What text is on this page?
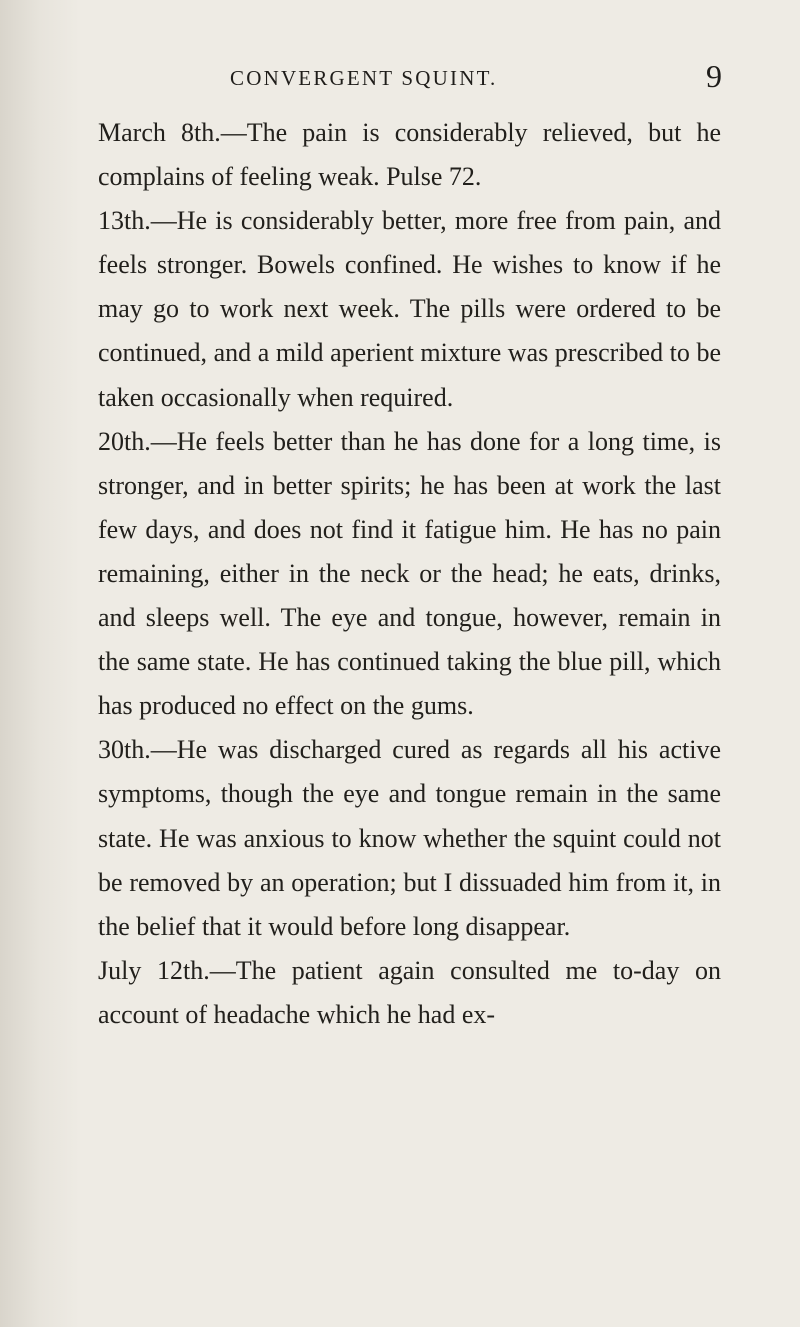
CONVERGENT SQUINT.	9

March 8th.—The pain is considerably relieved, but he complains of feeling weak. Pulse 72.

13th.—He is considerably better, more free from pain, and feels stronger. Bowels confined. He wishes to know if he may go to work next week. The pills were ordered to be continued, and a mild aperient mixture was prescribed to be taken occasionally when required.

20th.—He feels better than he has done for a long time, is stronger, and in better spirits; he has been at work the last few days, and does not find it fatigue him. He has no pain remaining, either in the neck or the head; he eats, drinks, and sleeps well. The eye and tongue, however, remain in the same state. He has continued taking the blue pill, which has produced no effect on the gums.

30th.—He was discharged cured as regards all his active symptoms, though the eye and tongue remain in the same state. He was anxious to know whether the squint could not be removed by an operation; but I dissuaded him from it, in the belief that it would before long disappear.

July 12th.—The patient again consulted me to-day on account of headache which he had ex-
